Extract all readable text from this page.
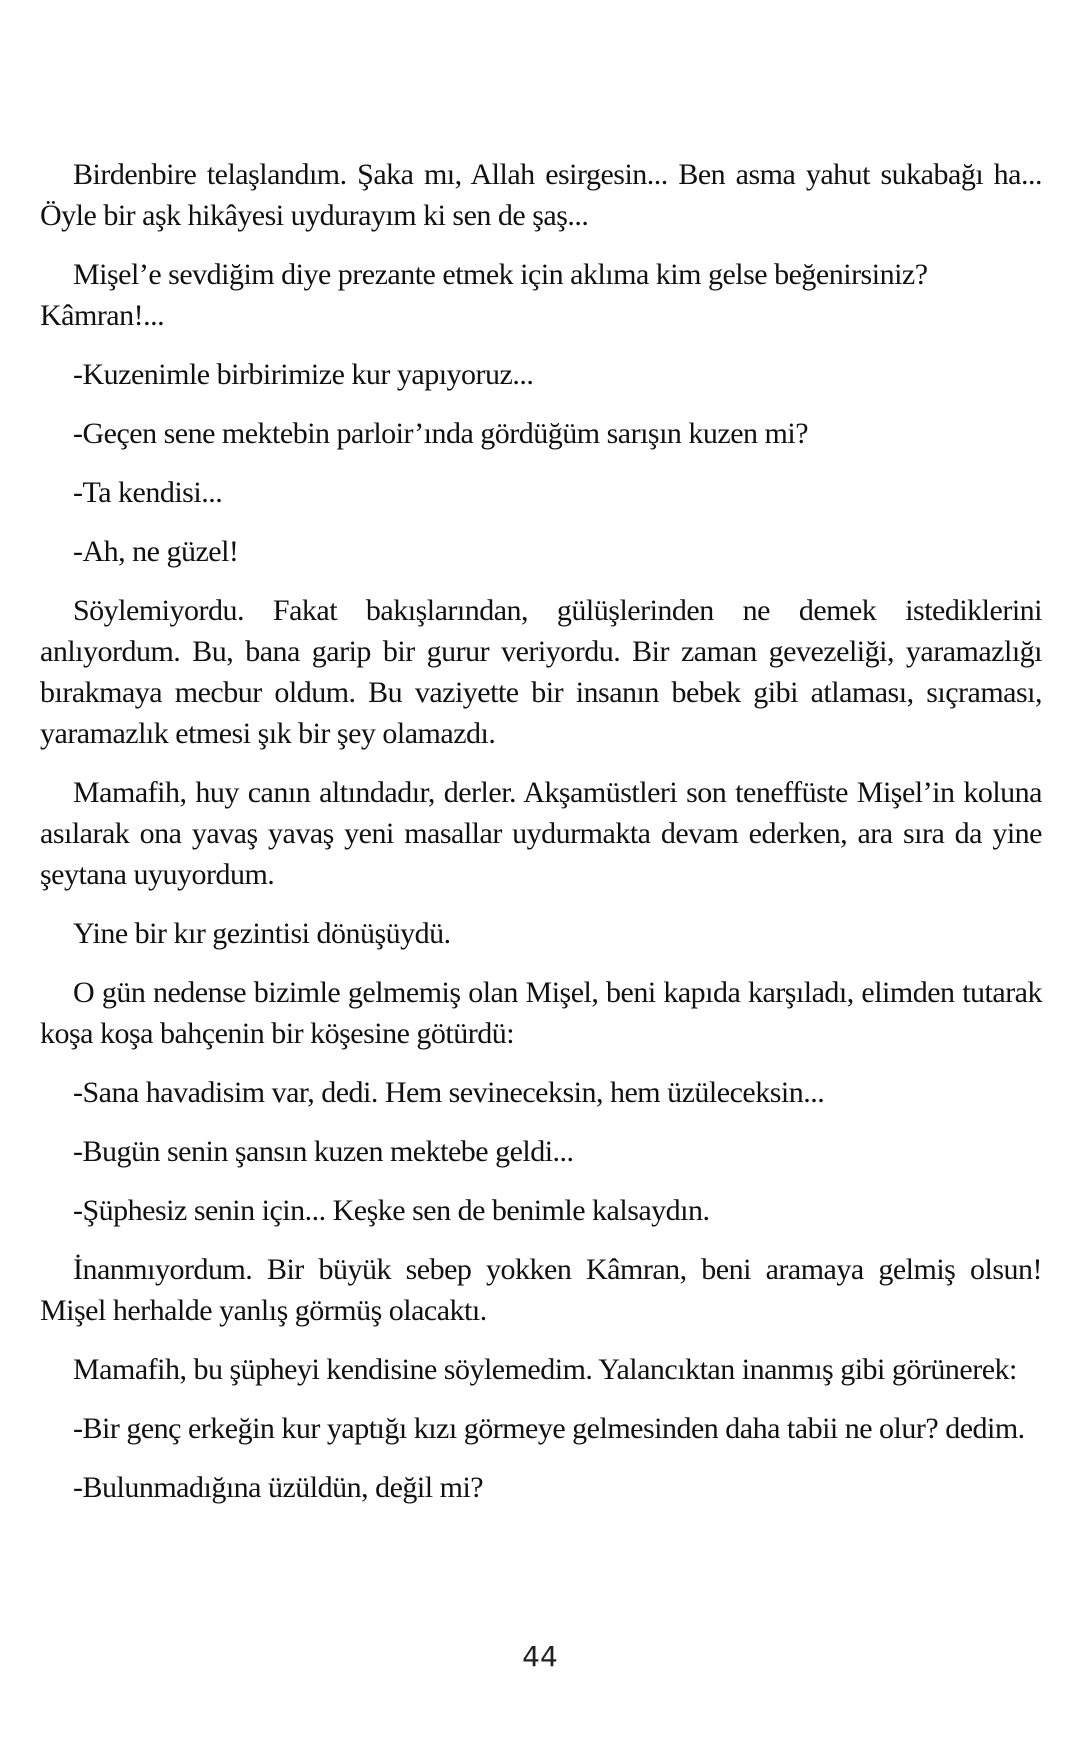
Birdenbire telaşlandım. Şaka mı, Allah esirgesin... Ben asma yahut sukabağı ha... Öyle bir aşk hikâyesi uydurayım ki sen de şaş...

Mişel’e sevdiğim diye prezante etmek için aklıma kim gelse beğenirsiniz? Kâmran!...

-Kuzenimle birbirimize kur yapıyoruz...

-Geçen sene mektebin parloir’ında gördüğüm sarışın kuzen mi?

-Ta kendisi...

-Ah, ne güzel!

Söylemiyordu. Fakat bakışlarından, gülüşlerinden ne demek istediklerini anlıyordum. Bu, bana garip bir gurur veriyordu. Bir zaman gevezeliği, yaramazlığı bırakmaya mecbur oldum. Bu vaziyette bir insanın bebek gibi atlaması, sıçraması, yaramazlık etmesi şık bir şey olamazdı.

Mamafih, huy canın altındadır, derler. Akşamüstleri son teneffüste Mişel’in koluna asılarak ona yavaş yavaş yeni masallar uydurmakta devam ederken, ara sıra da yine şeytana uyuyordum.

Yine bir kır gezintisi dönüşüydü.

O gün nedense bizimle gelmemiş olan Mişel, beni kapıda karşıladı, elimden tutarak koşa koşa bahçenin bir köşesine götürdü:

-Sana havadisim var, dedi. Hem sevineceksin, hem üzüleceksin...

-Bugün senin şansın kuzen mektebe geldi...

-Şüphesiz senin için... Keşke sen de benimle kalsaydın.

İnanmıyordum. Bir büyük sebep yokken Kâmran, beni aramaya gelmiş olsun! Mişel herhalde yanlış görmüş olacaktı.

Mamafih, bu şüpheyi kendisine söylemedim. Yalancıktan inanmış gibi görünerek:

-Bir genç erkeğin kur yaptığı kızı görmeye gelmesinden daha tabii ne olur? dedim.

-Bulunmadığına üzüldün, değil mi?

44
